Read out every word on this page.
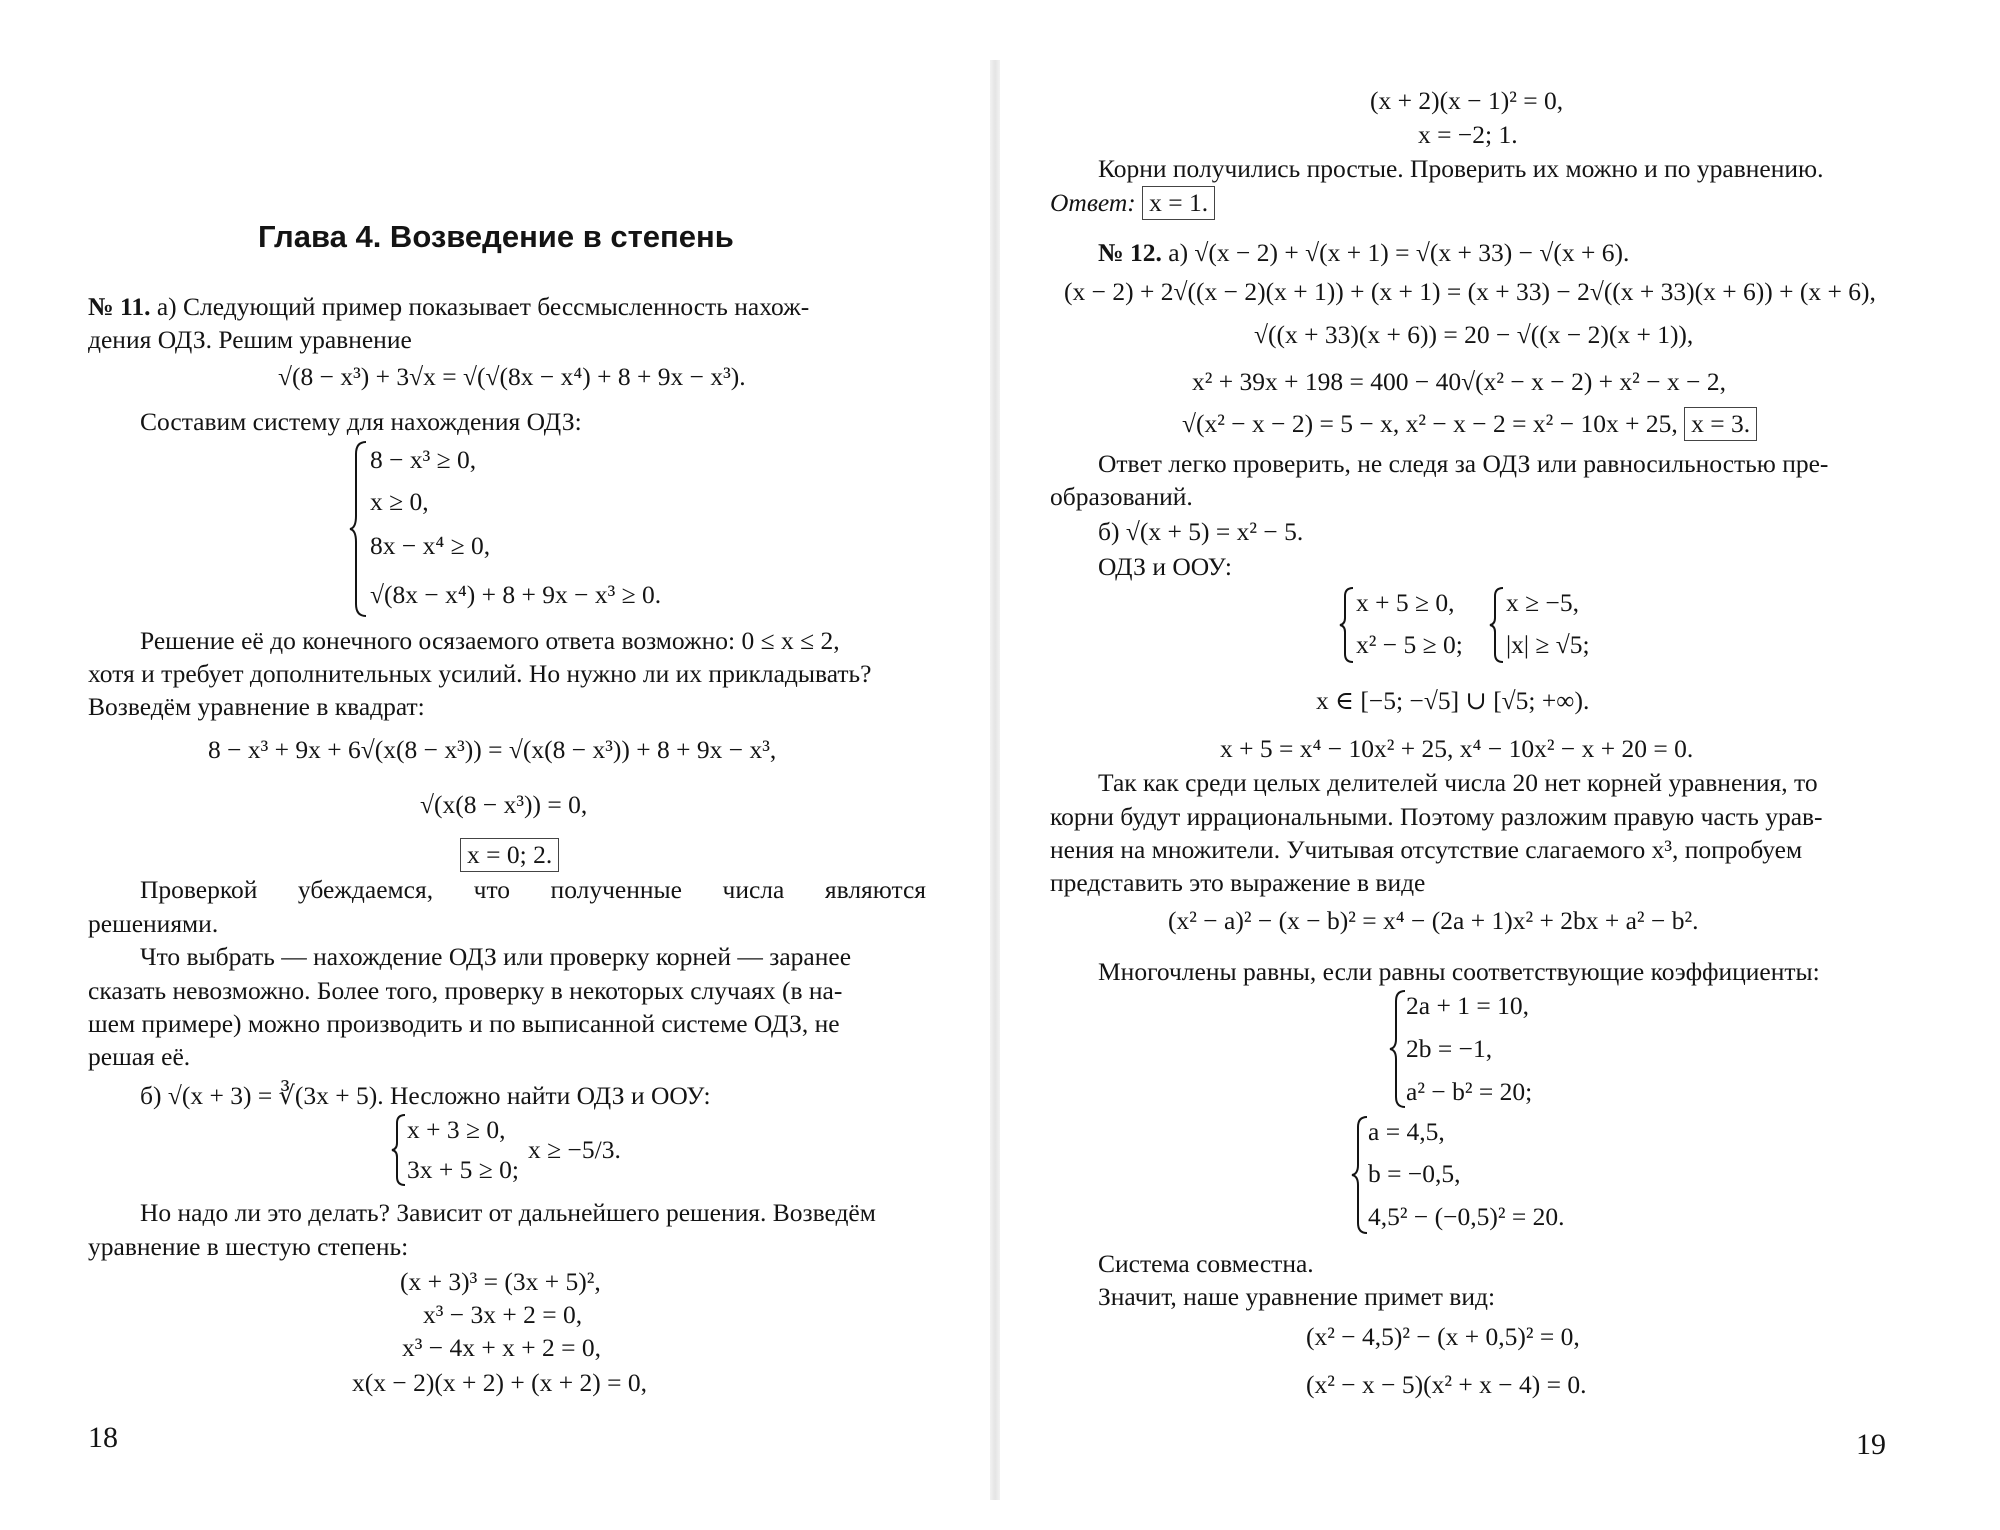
Глава 4. Возведение в степень
№ 11. а) Следующий пример показывает бессмысленность нахож-
дения ОДЗ. Решим уравнение
√(8 − x³) + 3√x = √(√(8x − x⁴) + 8 + 9x − x³).
Составим систему для нахождения ОДЗ:
8 − x³ ≥ 0,
x ≥ 0,
8x − x⁴ ≥ 0,
√(8x − x⁴) + 8 + 9x − x³ ≥ 0.
Решение её до конечного осязаемого ответа возможно: 0 ≤ x ≤ 2,
хотя и требует дополнительных усилий. Но нужно ли их прикладывать?
Возведём уравнение в квадрат:
8 − x³ + 9x + 6√(x(8 − x³)) = √(x(8 − x³)) + 8 + 9x − x³,
√(x(8 − x³)) = 0,
x = 0; 2.
Проверкой убеждаемся, что полученные числа являются
решениями.
Что выбрать — нахождение ОДЗ или проверку корней — заранее
сказать невозможно. Более того, проверку в некоторых случаях (в на-
шем примере) можно производить и по выписанной системе ОДЗ, не
решая её.
б) √(x + 3) = ∛(3x + 5). Несложно найти ОДЗ и ООУ:
x + 3 ≥ 0,
3x + 5 ≥ 0;
x ≥ −5/3.
Но надо ли это делать? Зависит от дальнейшего решения. Возведём
уравнение в шестую степень:
(x + 3)³ = (3x + 5)²,
x³ − 3x + 2 = 0,
x³ − 4x + x + 2 = 0,
x(x − 2)(x + 2) + (x + 2) = 0,
18
(x + 2)(x − 1)² = 0,
x = −2; 1.
Корни получились простые. Проверить их можно и по уравнению.
Ответ: x = 1.
№ 12. а) √(x − 2) + √(x + 1) = √(x + 33) − √(x + 6).
(x − 2) + 2√((x − 2)(x + 1)) + (x + 1) = (x + 33) − 2√((x + 33)(x + 6)) + (x + 6),
√((x + 33)(x + 6)) = 20 − √((x − 2)(x + 1)),
x² + 39x + 198 = 400 − 40√(x² − x − 2) + x² − x − 2,
√(x² − x − 2) = 5 − x, x² − x − 2 = x² − 10x + 25, x = 3.
Ответ легко проверить, не следя за ОДЗ или равносильностью пре-
образований.
б) √(x + 5) = x² − 5.
ОДЗ и ООУ:
x + 5 ≥ 0,
x² − 5 ≥ 0;
x ≥ −5,
|x| ≥ √5;
x ∈ [−5; −√5] ∪ [√5; +∞).
x + 5 = x⁴ − 10x² + 25, x⁴ − 10x² − x + 20 = 0.
Так как среди целых делителей числа 20 нет корней уравнения, то
корни будут иррациональными. Поэтому разложим правую часть урав-
нения на множители. Учитывая отсутствие слагаемого x³, попробуем
представить это выражение в виде
(x² − a)² − (x − b)² = x⁴ − (2a + 1)x² + 2bx + a² − b².
Многочлены равны, если равны соответствующие коэффициенты:
2a + 1 = 10,
2b = −1,
a² − b² = 20;
a = 4,5,
b = −0,5,
4,5² − (−0,5)² = 20.
Система совместна.
Значит, наше уравнение примет вид:
(x² − 4,5)² − (x + 0,5)² = 0,
(x² − x − 5)(x² + x − 4) = 0.
19
